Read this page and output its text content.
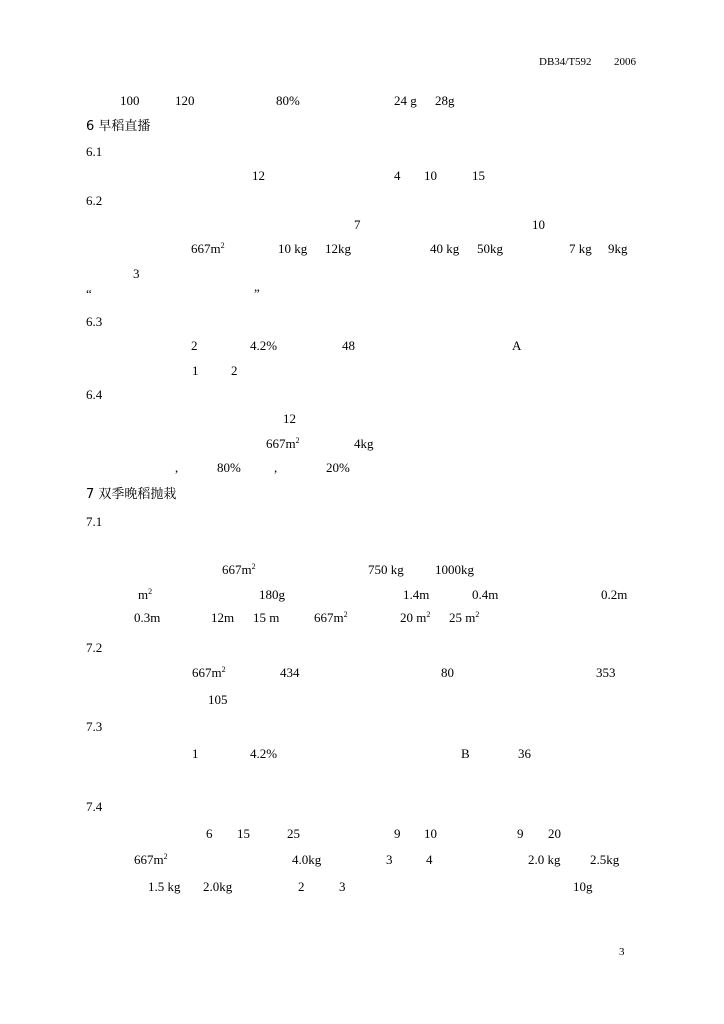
DB34/T592 2006
100	120	80%	24 g 28g
6 早稻直播
6.1
12	4 10	15
6.2
7	10
$667m^2$	10 kg 12kg	40 kg 50kg	7 kg 9kg
3
“	”
6.3
2	4.2%	48	A
1	2
6.4
12
$667m^2$	4kg
,	80%	,	20%
7 双季晚稻抛栽
7.1
$667m^2$	750 kg 1000kg
$m^2$	180g	1.4m	0.4m	0.2m
0.3m	12m 15 m	$667m^2$	20 $m^2$ 25 $m^2$
7.2
$667m^2$	434	80	353
105
7.3
1	4.2%	B	36
7.4
6 15	25	9 10	9 20
$667m^2$	4.0kg	3	4	2.0 kg 2.5kg
1.5 kg 2.0kg	2	3	10g
3
